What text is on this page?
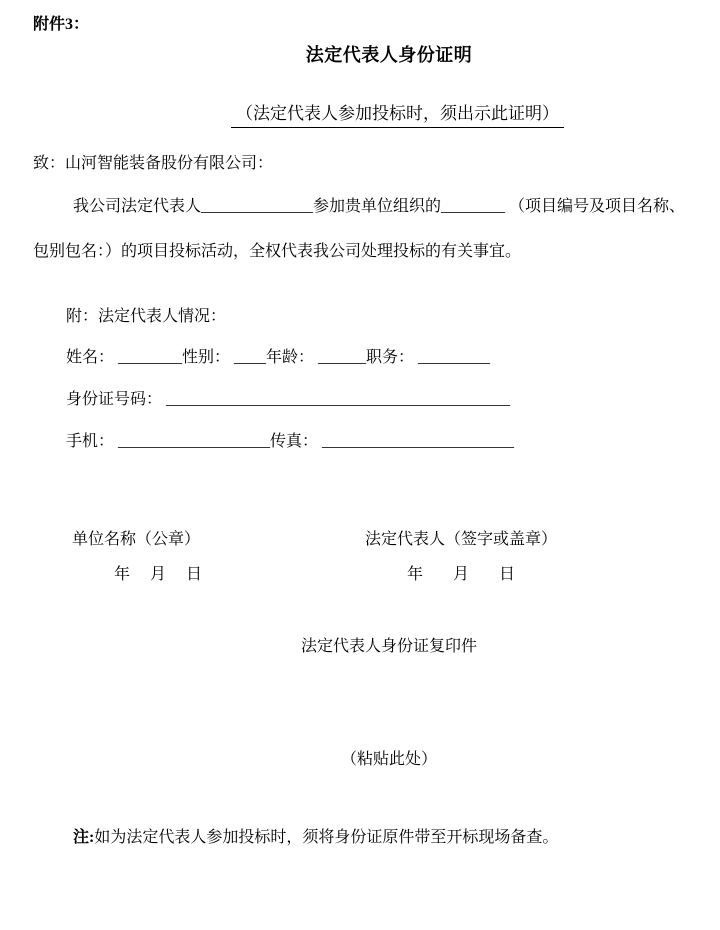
附件3：
法定代表人身份证明

（法定代表人参加投标时，须出示此证明）

致：山河智能装备股份有限公司：
我公司法定代表人______________参加贵单位组织的________ （项目编号及项目名称、
包别包名：）的项目投标活动，全权代表我公司处理投标的有关事宜。
附：法定代表人情况：
姓名： ________性别： ____年龄： ______职务： _________
身份证号码： ___________________________________________
手机： ___________________传真： ________________________
单位名称（公章）	法定代表人（签字或盖章）
年　月　日	年　月　日
法定代表人身份证复印件
（粘贴此处）

注:如为法定代表人参加投标时，须将身份证原件带至开标现场备查。
